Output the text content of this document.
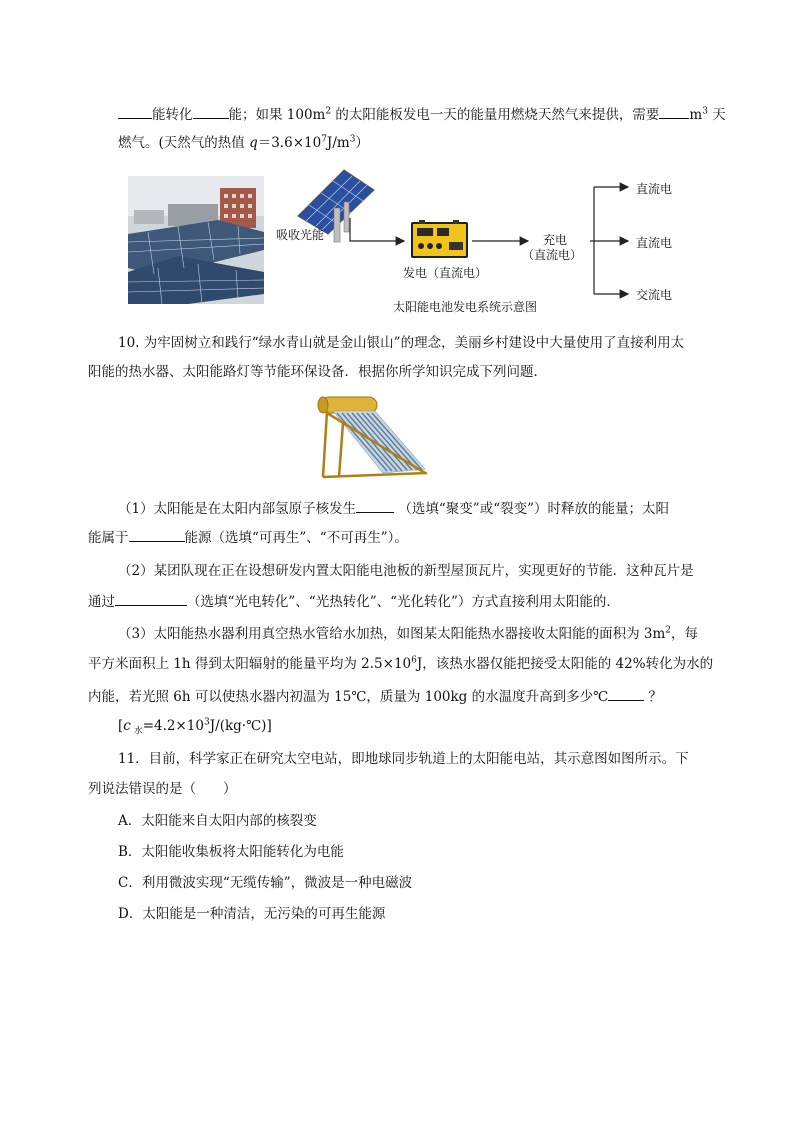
能转化	能；如果 $100m^2$ 的太阳能板发电一天的能量用燃烧天然气来提供，需要 $m^3$ 天
燃气。(天然气的热值 $q=3.6\times 10^7J/m^3$）
吸收光能
发电（直流电）
充电
（直流电）
直流电
直流电
交流电
太阳能电池发电系统示意图
10. 为牢固树立和践行“绿水青山就是金山银山”的理念，美丽乡村建设中大量使用了直接利用太
阳能的热水器、太阳能路灯等节能环保设备．根据你所学知识完成下列问题．
（1）太阳能是在太阳内部氢原子核发生	（选填“聚变”或“裂变”）时释放的能量；太阳
能属于	能源（选填“可再生”、“不可再生”）。
（2）某团队现在正在设想研发内置太阳能电池板的新型屋顶瓦片，实现更好的节能．这种瓦片是
通过	（选填“光电转化”、“光热转化”、“光化转化”）方式直接利用太阳能的．
（3）太阳能热水器利用真空热水管给水加热，如图某太阳能热水器接收太阳能的面积为 $3m^2$，每
平方米面积上 1h 得到太阳辐射的能量平均为 $2.5\times 10^6J$，该热水器仅能把接受太阳能的 42%转化为水的
内能，若光照 6h 可以使热水器内初温为 15℃，质量为 100kg 的水温度升高到多少℃	？
[c $_水=4.2\times 10^3J/(kg\cdot℃)$]
11．目前，科学家正在研究太空电站，即地球同步轨道上的太阳能电站，其示意图如图所示。下
列说法错误的是（　　）
A．太阳能来自太阳内部的核裂变
B．太阳能收集板将太阳能转化为电能
C．利用微波实现“无缆传输”，微波是一种电磁波
D．太阳能是一种清洁，无污染的可再生能源
